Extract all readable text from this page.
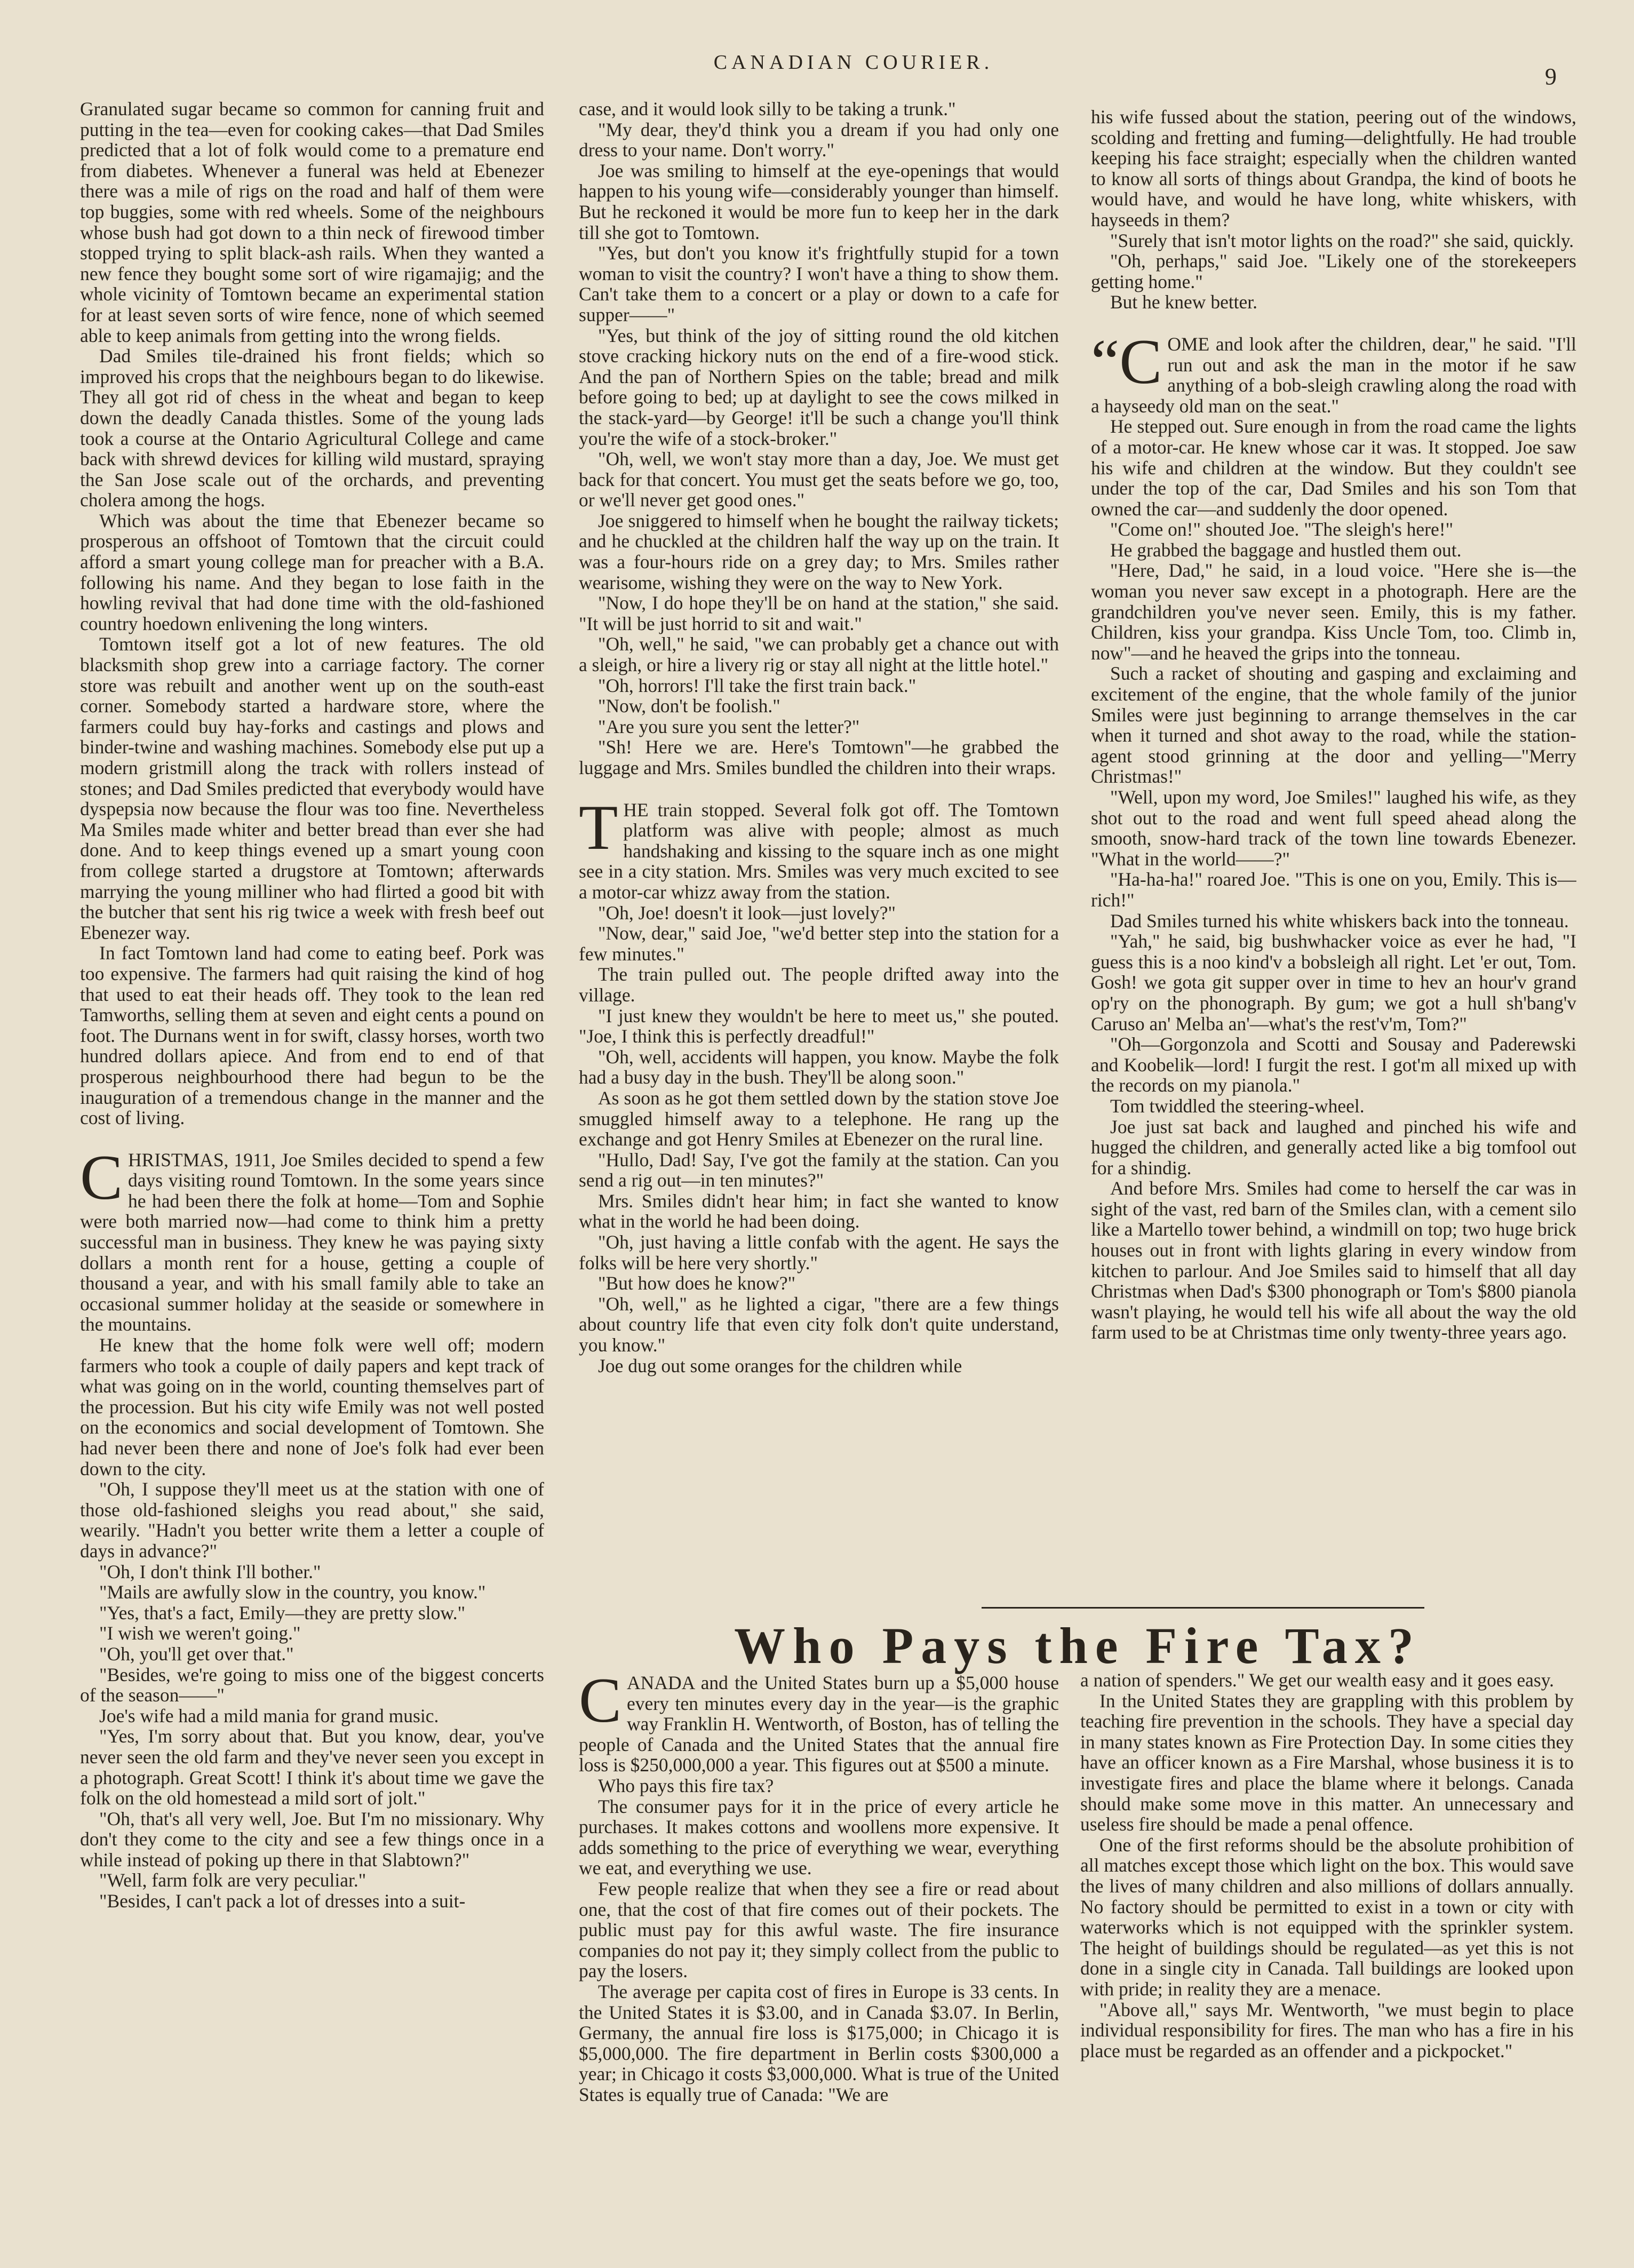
CANADIAN COURIER.
9

Granulated sugar became so common for canning fruit and putting in the tea—even for cooking cakes—that Dad Smiles predicted that a lot of folk would come to a premature end from diabetes. Whenever a funeral was held at Ebenezer there was a mile of rigs on the road and half of them were top buggies, some with red wheels. Some of the neighbours whose bush had got down to a thin neck of firewood timber stopped trying to split black-ash rails. When they wanted a new fence they bought some sort of wire rigamajig; and the whole vicinity of Tomtown became an experimental station for at least seven sorts of wire fence, none of which seemed able to keep animals from getting into the wrong fields.

Dad Smiles tile-drained his front fields; which so improved his crops that the neighbours began to do likewise. They all got rid of chess in the wheat and began to keep down the deadly Canada thistles. Some of the young lads took a course at the Ontario Agricultural College and came back with shrewd devices for killing wild mustard, spraying the San Jose scale out of the orchards, and preventing cholera among the hogs.

Which was about the time that Ebenezer became so prosperous an offshoot of Tomtown that the circuit could afford a smart young college man for preacher with a B.A. following his name. And they began to lose faith in the howling revival that had done time with the old-fashioned country hoedown enlivening the long winters.

Tomtown itself got a lot of new features. The old blacksmith shop grew into a carriage factory. The corner store was rebuilt and another went up on the south-east corner. Somebody started a hardware store, where the farmers could buy hay-forks and castings and plows and binder-twine and washing machines. Somebody else put up a modern gristmill along the track with rollers instead of stones; and Dad Smiles predicted that everybody would have dyspepsia now because the flour was too fine. Nevertheless Ma Smiles made whiter and better bread than ever she had done. And to keep things evened up a smart young coon from college started a drugstore at Tomtown; afterwards marrying the young milliner who had flirted a good bit with the butcher that sent his rig twice a week with fresh beef out Ebenezer way.

In fact Tomtown land had come to eating beef. Pork was too expensive. The farmers had quit raising the kind of hog that used to eat their heads off. They took to the lean red Tamworths, selling them at seven and eight cents a pound on foot. The Durnans went in for swift, classy horses, worth two hundred dollars apiece. And from end to end of that prosperous neighbourhood there had begun to be the inauguration of a tremendous change in the manner and the cost of living.

CHRISTMAS, 1911, Joe Smiles decided to spend a few days visiting round Tomtown. In the some years since he had been there the folk at home—Tom and Sophie were both married now—had come to think him a pretty successful man in business. They knew he was paying sixty dollars a month rent for a house, getting a couple of thousand a year, and with his small family able to take an occasional summer holiday at the seaside or somewhere in the mountains.

He knew that the home folk were well off; modern farmers who took a couple of daily papers and kept track of what was going on in the world, counting themselves part of the procession. But his city wife Emily was not well posted on the economics and social development of Tomtown. She had never been there and none of Joe's folk had ever been down to the city.

"Oh, I suppose they'll meet us at the station with one of those old-fashioned sleighs you read about," she said, wearily. "Hadn't you better write them a letter a couple of days in advance?"

"Oh, I don't think I'll bother."

"Mails are awfully slow in the country, you know."

"Yes, that's a fact, Emily—they are pretty slow."

"I wish we weren't going."

"Oh, you'll get over that."

"Besides, we're going to miss one of the biggest concerts of the season——"

Joe's wife had a mild mania for grand music.

"Yes, I'm sorry about that. But you know, dear, you've never seen the old farm and they've never seen you except in a photograph. Great Scott! I think it's about time we gave the folk on the old homestead a mild sort of jolt."

"Oh, that's all very well, Joe. But I'm no missionary. Why don't they come to the city and see a few things once in a while instead of poking up there in that Slabtown?"

"Well, farm folk are very peculiar."

"Besides, I can't pack a lot of dresses into a suit-

case, and it would look silly to be taking a trunk."

"My dear, they'd think you a dream if you had only one dress to your name. Don't worry."

Joe was smiling to himself at the eye-openings that would happen to his young wife—considerably younger than himself. But he reckoned it would be more fun to keep her in the dark till she got to Tomtown.

"Yes, but don't you know it's frightfully stupid for a town woman to visit the country? I won't have a thing to show them. Can't take them to a concert or a play or down to a cafe for supper——"

"Yes, but think of the joy of sitting round the old kitchen stove cracking hickory nuts on the end of a fire-wood stick. And the pan of Northern Spies on the table; bread and milk before going to bed; up at daylight to see the cows milked in the stack-yard—by George! it'll be such a change you'll think you're the wife of a stock-broker."

"Oh, well, we won't stay more than a day, Joe. We must get back for that concert. You must get the seats before we go, too, or we'll never get good ones."

Joe sniggered to himself when he bought the railway tickets; and he chuckled at the children half the way up on the train. It was a four-hours ride on a grey day; to Mrs. Smiles rather wearisome, wishing they were on the way to New York.

"Now, I do hope they'll be on hand at the station," she said. "It will be just horrid to sit and wait."

"Oh, well," he said, "we can probably get a chance out with a sleigh, or hire a livery rig or stay all night at the little hotel."

"Oh, horrors! I'll take the first train back."

"Now, don't be foolish."

"Are you sure you sent the letter?"

"Sh! Here we are. Here's Tomtown"—he grabbed the luggage and Mrs. Smiles bundled the children into their wraps.

THE train stopped. Several folk got off. The Tomtown platform was alive with people; almost as much handshaking and kissing to the square inch as one might see in a city station. Mrs. Smiles was very much excited to see a motor-car whizz away from the station.

"Oh, Joe! doesn't it look—just lovely?"

"Now, dear," said Joe, "we'd better step into the station for a few minutes."

The train pulled out. The people drifted away into the village.

"I just knew they wouldn't be here to meet us," she pouted. "Joe, I think this is perfectly dreadful!"

"Oh, well, accidents will happen, you know. Maybe the folk had a busy day in the bush. They'll be along soon."

As soon as he got them settled down by the station stove Joe smuggled himself away to a telephone. He rang up the exchange and got Henry Smiles at Ebenezer on the rural line.

"Hullo, Dad! Say, I've got the family at the station. Can you send a rig out—in ten minutes?"

Mrs. Smiles didn't hear him; in fact she wanted to know what in the world he had been doing.

"Oh, just having a little confab with the agent. He says the folks will be here very shortly."

"But how does he know?"

"Oh, well," as he lighted a cigar, "there are a few things about country life that even city folk don't quite understand, you know."

Joe dug out some oranges for the children while

his wife fussed about the station, peering out of the windows, scolding and fretting and fuming—delightfully. He had trouble keeping his face straight; especially when the children wanted to know all sorts of things about Grandpa, the kind of boots he would have, and would he have long, white whiskers, with hayseeds in them?

"Surely that isn't motor lights on the road?" she said, quickly.

"Oh, perhaps," said Joe. "Likely one of the storekeepers getting home."

But he knew better.

“COME and look after the children, dear," he said. "I'll run out and ask the man in the motor if he saw anything of a bob-sleigh crawling along the road with a hayseedy old man on the seat."

He stepped out. Sure enough in from the road came the lights of a motor-car. He knew whose car it was. It stopped. Joe saw his wife and children at the window. But they couldn't see under the top of the car, Dad Smiles and his son Tom that owned the car—and suddenly the door opened.

"Come on!" shouted Joe. "The sleigh's here!"

He grabbed the baggage and hustled them out.

"Here, Dad," he said, in a loud voice. "Here she is—the woman you never saw except in a photograph. Here are the grandchildren you've never seen. Emily, this is my father. Children, kiss your grandpa. Kiss Uncle Tom, too. Climb in, now"—and he heaved the grips into the tonneau.

Such a racket of shouting and gasping and exclaiming and excitement of the engine, that the whole family of the junior Smiles were just beginning to arrange themselves in the car when it turned and shot away to the road, while the station-agent stood grinning at the door and yelling—"Merry Christmas!"

"Well, upon my word, Joe Smiles!" laughed his wife, as they shot out to the road and went full speed ahead along the smooth, snow-hard track of the town line towards Ebenezer. "What in the world——?"

"Ha-ha-ha!" roared Joe. "This is one on you, Emily. This is—rich!"

Dad Smiles turned his white whiskers back into the tonneau.

"Yah," he said, big bushwhacker voice as ever he had, "I guess this is a noo kind'v a bobsleigh all right. Let 'er out, Tom. Gosh! we gota git supper over in time to hev an hour'v grand op'ry on the phonograph. By gum; we got a hull sh'bang'v Caruso an' Melba an'—what's the rest'v'm, Tom?"

"Oh—Gorgonzola and Scotti and Sousay and Paderewski and Koobelik—lord! I furgit the rest. I got'm all mixed up with the records on my pianola."

Tom twiddled the steering-wheel.

Joe just sat back and laughed and pinched his wife and hugged the children, and generally acted like a big tomfool out for a shindig.

And before Mrs. Smiles had come to herself the car was in sight of the vast, red barn of the Smiles clan, with a cement silo like a Martello tower behind, a windmill on top; two huge brick houses out in front with lights glaring in every window from kitchen to parlour. And Joe Smiles said to himself that all day Christmas when Dad's $300 phonograph or Tom's $800 pianola wasn't playing, he would tell his wife all about the way the old farm used to be at Christmas time only twenty-three years ago.

Who Pays the Fire Tax?

CANADA and the United States burn up a $5,000 house every ten minutes every day in the year—is the graphic way Franklin H. Wentworth, of Boston, has of telling the people of Canada and the United States that the annual fire loss is $250,000,000 a year. This figures out at $500 a minute.

Who pays this fire tax?

The consumer pays for it in the price of every article he purchases. It makes cottons and woollens more expensive. It adds something to the price of everything we wear, everything we eat, and everything we use.

Few people realize that when they see a fire or read about one, that the cost of that fire comes out of their pockets. The public must pay for this awful waste. The fire insurance companies do not pay it; they simply collect from the public to pay the losers.

The average per capita cost of fires in Europe is 33 cents. In the United States it is $3.00, and in Canada $3.07. In Berlin, Germany, the annual fire loss is $175,000; in Chicago it is $5,000,000. The fire department in Berlin costs $300,000 a year; in Chicago it costs $3,000,000. What is true of the United States is equally true of Canada: "We are

a nation of spenders." We get our wealth easy and it goes easy.

In the United States they are grappling with this problem by teaching fire prevention in the schools. They have a special day in many states known as Fire Protection Day. In some cities they have an officer known as a Fire Marshal, whose business it is to investigate fires and place the blame where it belongs. Canada should make some move in this matter. An unnecessary and useless fire should be made a penal offence.

One of the first reforms should be the absolute prohibition of all matches except those which light on the box. This would save the lives of many children and also millions of dollars annually. No factory should be permitted to exist in a town or city with waterworks which is not equipped with the sprinkler system. The height of buildings should be regulated—as yet this is not done in a single city in Canada. Tall buildings are looked upon with pride; in reality they are a menace.

"Above all," says Mr. Wentworth, "we must begin to place individual responsibility for fires. The man who has a fire in his place must be regarded as an offender and a pickpocket."
